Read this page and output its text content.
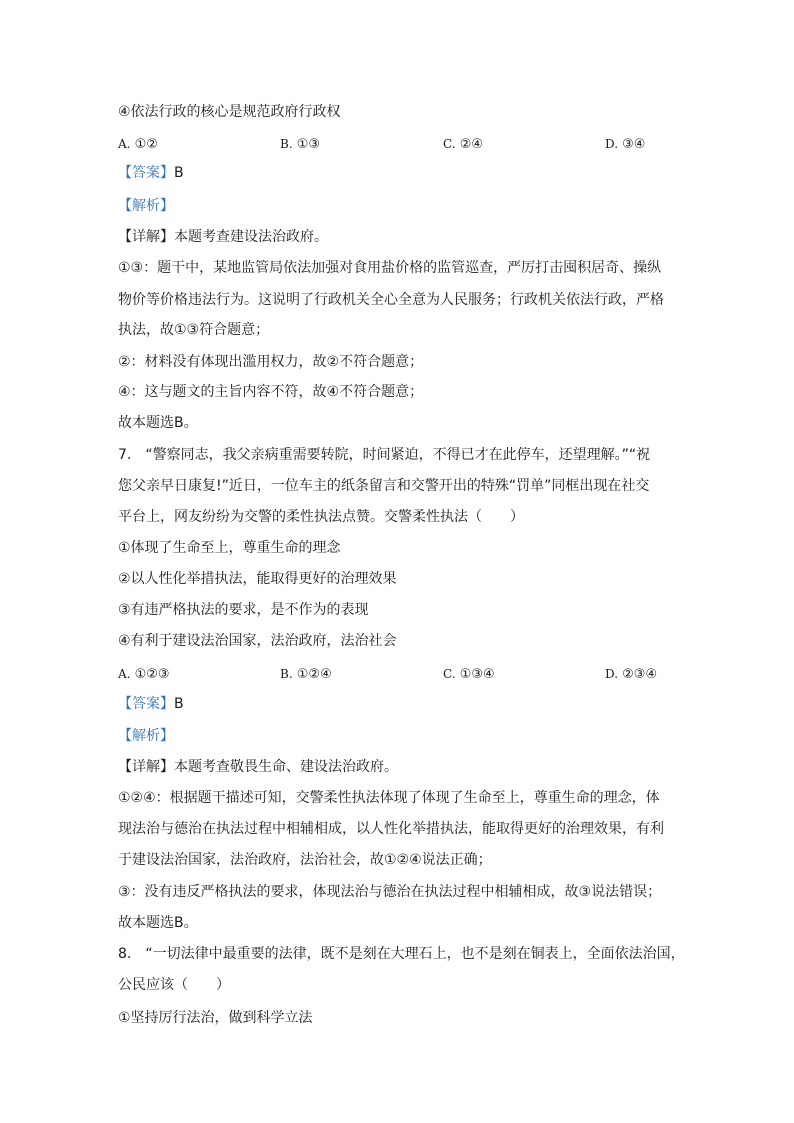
④依法行政的核心是规范政府行政权
A. ①②	B. ①③	C. ②④	D. ③④
【答案】B
【解析】
【详解】本题考查建设法治政府。
①③：题干中，某地监管局依法加强对食用盐价格的监管巡查，严厉打击囤积居奇、操纵
物价等价格违法行为。这说明了行政机关全心全意为人民服务；行政机关依法行政，严格
执法，故①③符合题意；
②：材料没有体现出滥用权力，故②不符合题意；
④：这与题文的主旨内容不符，故④不符合题意；
故本题选B。
7.　“警察同志，我父亲病重需要转院，时间紧迫，不得已才在此停车，还望理解。”“祝
您父亲早日康复!”近日，一位车主的纸条留言和交警开出的特殊“罚单”同框出现在社交
平台上，网友纷纷为交警的柔性执法点赞。交警柔性执法（　　）
①体现了生命至上，尊重生命的理念
②以人性化举措执法，能取得更好的治理效果
③有违严格执法的要求，是不作为的表现
④有利于建设法治国家，法治政府，法治社会
A. ①②③	B. ①②④	C. ①③④	D. ②③④
【答案】B
【解析】
【详解】本题考查敬畏生命、建设法治政府。
①②④：根据题干描述可知，交警柔性执法体现了体现了生命至上，尊重生命的理念，体
现法治与德治在执法过程中相辅相成，以人性化举措执法，能取得更好的治理效果，有利
于建设法治国家，法治政府，法治社会，故①②④说法正确；
③：没有违反严格执法的要求，体现法治与德治在执法过程中相辅相成，故③说法错误；
故本题选B。
8.　“一切法律中最重要的法律，既不是刻在大理石上，也不是刻在铜表上，全面依法治国，
公民应该（　　）
①坚持厉行法治，做到科学立法
